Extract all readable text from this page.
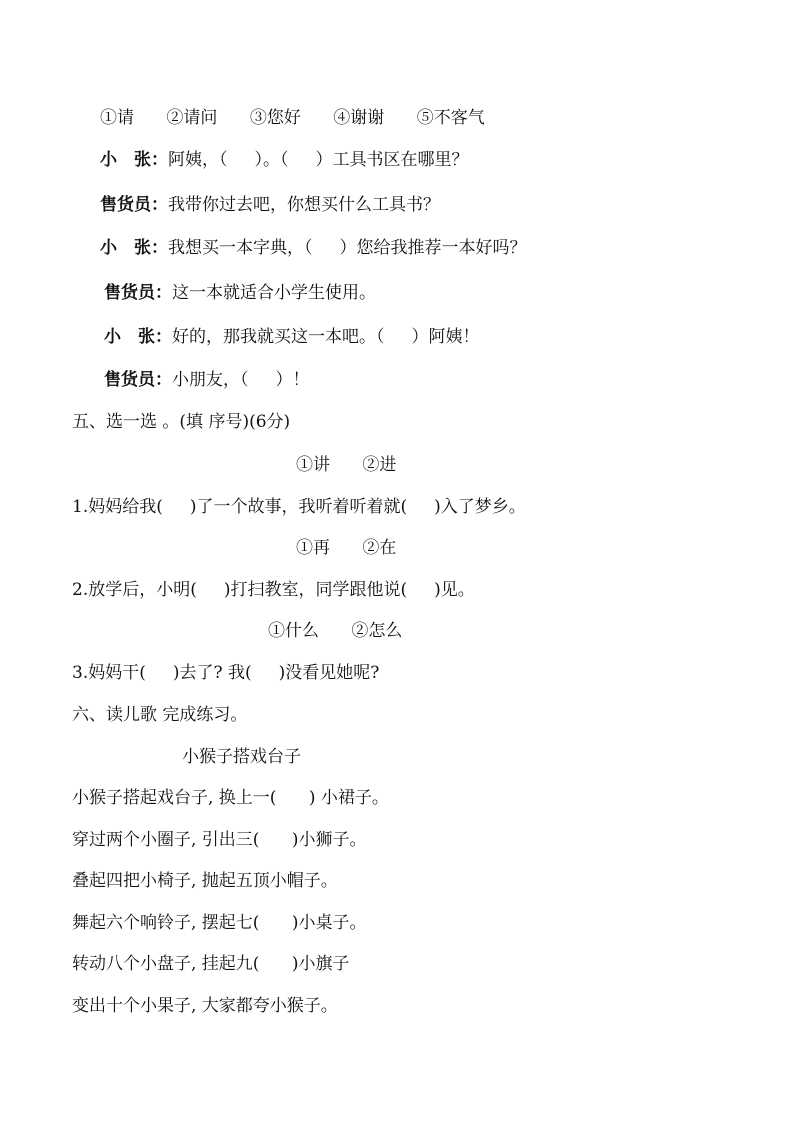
①请      ②请问      ③您好      ④谢谢      ⑤不客气
小　张：阿姨，（     ）。（     ）工具书区在哪里？
售货员：我带你过去吧，你想买什么工具书？
小　张：我想买一本字典，（     ）您给我推荐一本好吗？
售货员：这一本就适合小学生使用。
小　张：好的，那我就买这一本吧。（     ）阿姨！
售货员：小朋友，（     ）！
五、选一选 。(填 序号)(6分)
①讲      ②进
1.妈妈给我(     )了一个故事，我听着听着就(     )入了梦乡。
①再      ②在
2.放学后，小明(     )打扫教室，同学跟他说(     )见。
①什么      ②怎么
3.妈妈干(     )去了? 我(     )没看见她呢?
六、读儿歌 完成练习。
小猴子搭戏台子
小猴子搭起戏台子, 换上一(      ) 小裙子。
穿过两个小圈子, 引出三(      )小狮子。
叠起四把小椅子, 抛起五顶小帽子。
舞起六个响铃子, 摆起七(      )小桌子。
转动八个小盘子, 挂起九(      )小旗子
变出十个小果子, 大家都夸小猴子。
